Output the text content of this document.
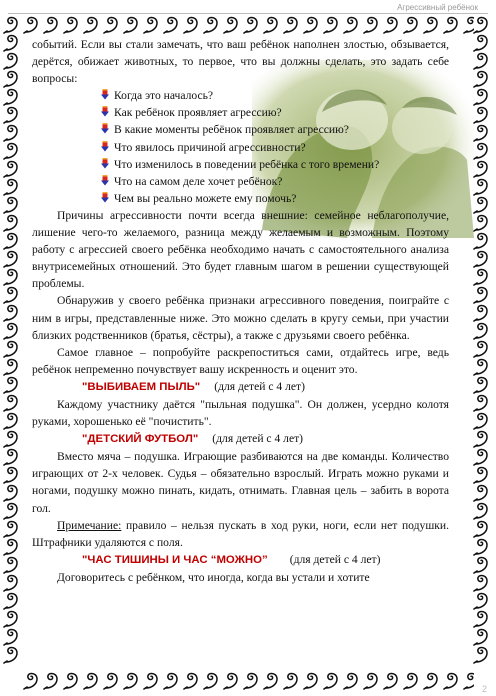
Агрессивный ребёнок

событий. Если вы стали замечать, что ваш ребёнок наполнен злостью, обзывается, дерётся, обижает животных, то первое, что вы должны сделать, это задать себе вопросы:

Когда это началось?
Как ребёнок проявляет агрессию?
В какие моменты ребёнок проявляет агрессию?
Что явилось причиной агрессивности?
Что изменилось в поведении ребёнка с того времени?
Что на самом деле хочет ребёнок?
Чем вы реально можете ему помочь?

Причины агрессивности почти всегда внешние: семейное неблагополучие, лишение чего-то желаемого, разница между желаемым и возможным. Поэтому работу с агрессией своего ребёнка необходимо начать с самостоятельного анализа внутрисемейных отношений. Это будет главным шагом в решении существующей проблемы.

Обнаружив у своего ребёнка признаки агрессивного поведения, поиграйте с ним в игры, представленные ниже. Это можно сделать в кругу семьи, при участии близких родственников (братья, сёстры), а также с друзьями своего ребёнка.

Самое главное – попробуйте раскрепоститься сами, отдайтесь игре, ведь ребёнок непременно почувствует вашу искренность и оценит это.

"ВЫБИВАЕМ ПЫЛЬ" (для детей с 4 лет)

Каждому участнику даётся "пыльная подушка". Он должен, усердно колотя руками, хорошенько её "почистить".

"ДЕТСКИЙ ФУТБОЛ" (для детей с 4 лет)

Вместо мяча – подушка. Играющие разбиваются на две команды. Количество играющих от 2-х человек. Судья – обязательно взрослый. Играть можно руками и ногами, подушку можно пинать, кидать, отнимать. Главная цель – забить в ворота гол.

Примечание: правило – нельзя пускать в ход руки, ноги, если нет подушки. Штрафники удаляются с поля.

"ЧАС ТИШИНЫ И ЧАС “МОЖНО” (для детей с 4 лет)

Договоритесь с ребёнком, что иногда, когда вы устали и хотите

2
